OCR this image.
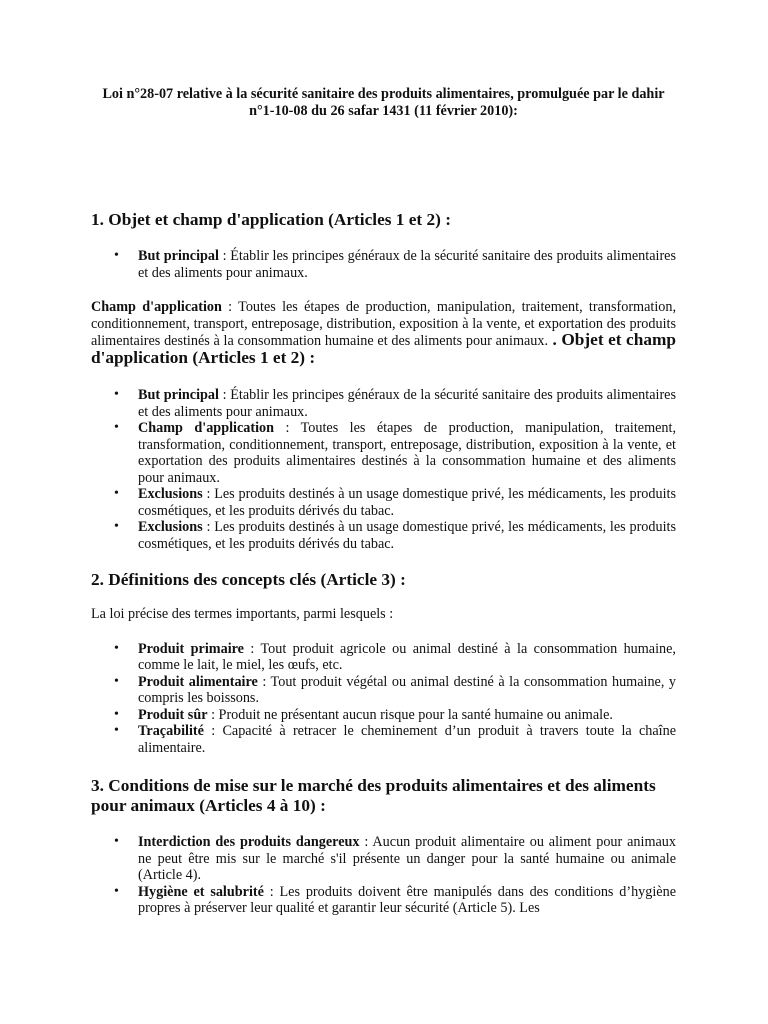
Loi n°28-07 relative à la sécurité sanitaire des produits alimentaires, promulguée par le dahir n°1-10-08 du 26 safar 1431 (11 février 2010):

1. Objet et champ d'application (Articles 1 et 2) :
• But principal : Établir les principes généraux de la sécurité sanitaire des produits alimentaires et des aliments pour animaux.

Champ d'application : Toutes les étapes de production, manipulation, traitement, transformation, conditionnement, transport, entreposage, distribution, exposition à la vente, et exportation des produits alimentaires destinés à la consommation humaine et des aliments pour animaux. . Objet et champ d'application (Articles 1 et 2) :

• But principal : Établir les principes généraux de la sécurité sanitaire des produits alimentaires et des aliments pour animaux.
• Champ d'application : Toutes les étapes de production, manipulation, traitement, transformation, conditionnement, transport, entreposage, distribution, exposition à la vente, et exportation des produits alimentaires destinés à la consommation humaine et des aliments pour animaux.
• Exclusions : Les produits destinés à un usage domestique privé, les médicaments, les produits cosmétiques, et les produits dérivés du tabac.
• Exclusions : Les produits destinés à un usage domestique privé, les médicaments, les produits cosmétiques, et les produits dérivés du tabac.
2. Définitions des concepts clés (Article 3) :

La loi précise des termes importants, parmi lesquels :

• Produit primaire : Tout produit agricole ou animal destiné à la consommation humaine, comme le lait, le miel, les œufs, etc.
• Produit alimentaire : Tout produit végétal ou animal destiné à la consommation humaine, y compris les boissons.
• Produit sûr : Produit ne présentant aucun risque pour la santé humaine ou animale.
• Traçabilité : Capacité à retracer le cheminement d’un produit à travers toute la chaîne alimentaire.
3. Conditions de mise sur le marché des produits alimentaires et des aliments pour animaux (Articles 4 à 10) :
• Interdiction des produits dangereux : Aucun produit alimentaire ou aliment pour animaux ne peut être mis sur le marché s'il présente un danger pour la santé humaine ou animale (Article 4).
• Hygiène et salubrité : Les produits doivent être manipulés dans des conditions d’hygiène propres à préserver leur qualité et garantir leur sécurité (Article 5). Les
